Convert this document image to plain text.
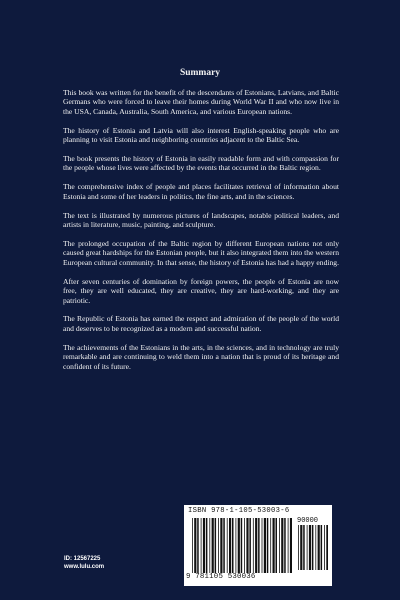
Summary

This book was written for the benefit of the descendants of Estonians, Latvians, and Baltic Germans who were forced to leave their homes during World War II and who now live in the USA, Canada, Australia, South America, and various European nations.

The history of Estonia and Latvia will also interest English-speaking people who are planning to visit Estonia and neighboring countries adjacent to the Baltic Sea.

The book presents the history of Estonia in easily readable form and with compassion for the people whose lives were affected by the events that occurred in the Baltic region.

The comprehensive index of people and places facilitates retrieval of information about Estonia and some of her leaders in politics, the fine arts, and in the sciences.

The text is illustrated by numerous pictures of landscapes, notable political leaders, and artists in literature, music, painting, and sculpture.

The prolonged occupation of the Baltic region by different European nations not only caused great hardships for the Estonian people, but it also integrated them into the western European cultural community. In that sense, the history of Estonia has had a happy ending.

After seven centuries of domination by foreign powers, the people of Estonia are now free, they are well educated, they are creative, they are hard-working, and they are patriotic.

The Republic of Estonia has earned the respect and admiration of the people of the world and deserves to be recognized as a modern and successful nation.

The achievements of the Estonians in the arts, in the sciences, and in technology are truly remarkable and are continuing to weld them into a nation that is proud of its heritage and confident of its future.

ID: 12567225
www.lulu.com
ISBN 978-1-105-53003-6
90000
9 781105 530036
